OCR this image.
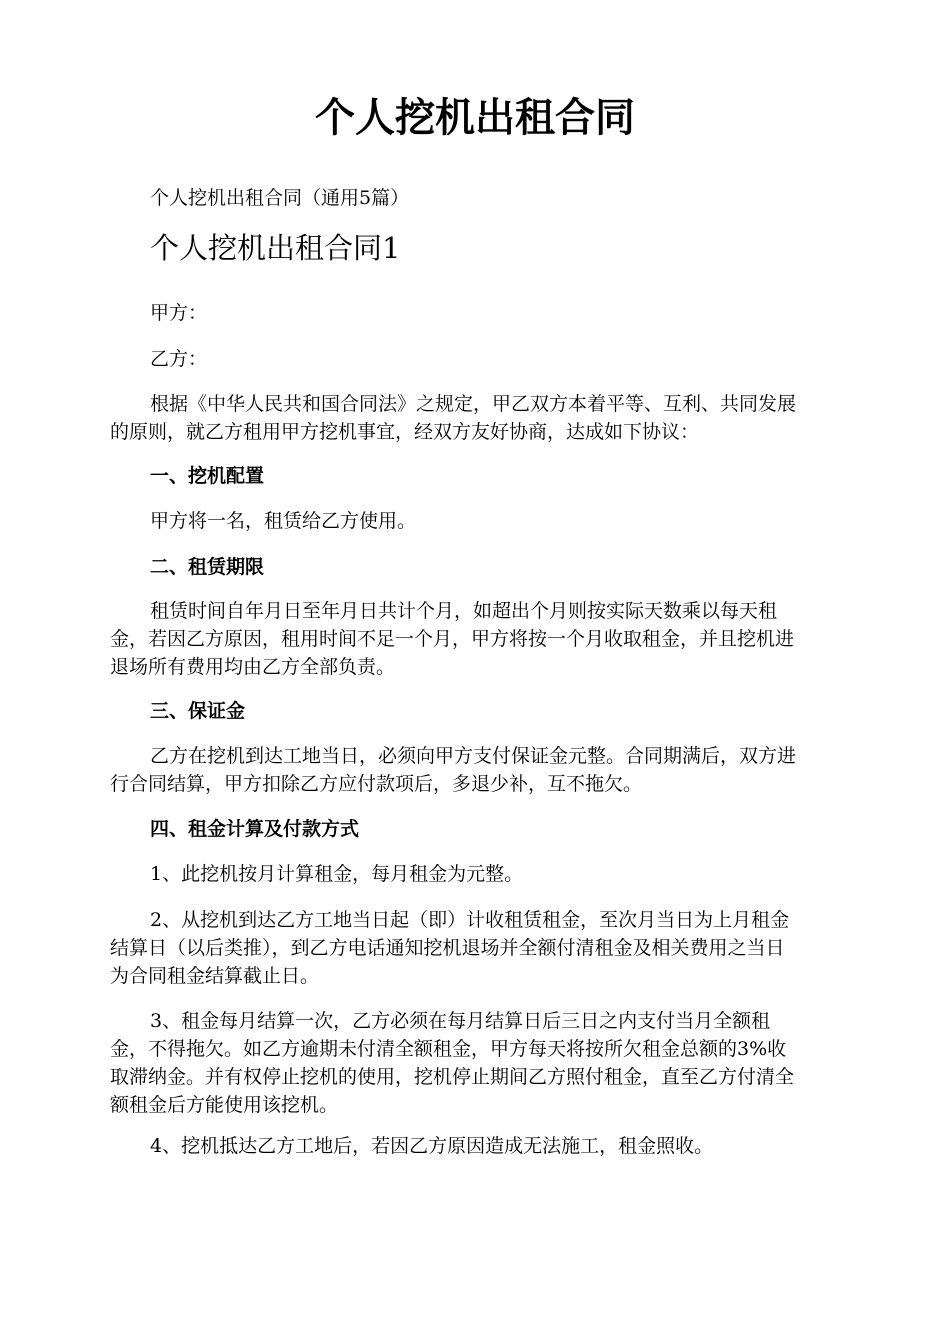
个人挖机出租合同

个人挖机出租合同（通用5篇）

个人挖机出租合同1

甲方：

乙方：

根据《中华人民共和国合同法》之规定，甲乙双方本着平等、互利、共同发展
的原则，就乙方租用甲方挖机事宜，经双方友好协商，达成如下协议：

一、挖机配置

甲方将一名，租赁给乙方使用。

二、租赁期限

租赁时间自年月日至年月日共计个月，如超出个月则按实际天数乘以每天租
金，若因乙方原因，租用时间不足一个月，甲方将按一个月收取租金，并且挖机进
退场所有费用均由乙方全部负责。

三、保证金

乙方在挖机到达工地当日，必须向甲方支付保证金元整。合同期满后，双方进
行合同结算，甲方扣除乙方应付款项后，多退少补，互不拖欠。

四、租金计算及付款方式

1、此挖机按月计算租金，每月租金为元整。

2、从挖机到达乙方工地当日起（即）计收租赁租金，至次月当日为上月租金
结算日（以后类推），到乙方电话通知挖机退场并全额付清租金及相关费用之当日
为合同租金结算截止日。
3、租金每月结算一次，乙方必须在每月结算日后三日之内支付当月全额租
金，不得拖欠。如乙方逾期未付清全额租金，甲方每天将按所欠租金总额的3%收
取滞纳金。并有权停止挖机的使用，挖机停止期间乙方照付租金，直至乙方付清全
额租金后方能使用该挖机。

4、挖机抵达乙方工地后，若因乙方原因造成无法施工，租金照收。
